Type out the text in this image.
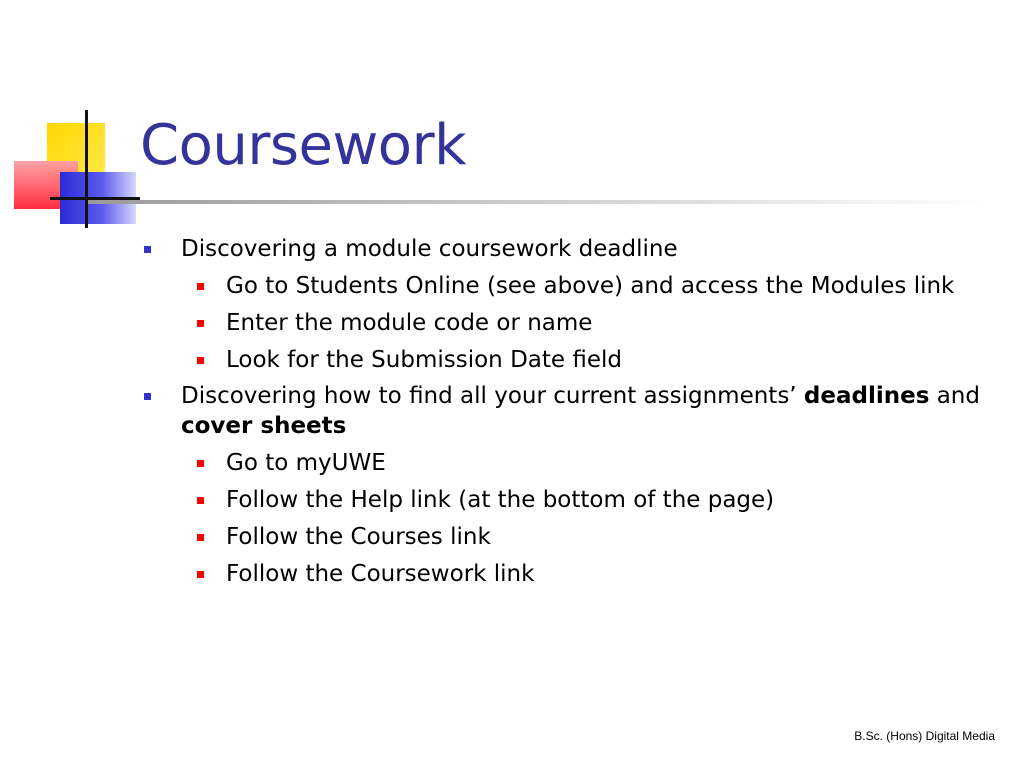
Coursework
Discovering a module coursework deadline
Go to Students Online (see above) and access the Modules link
Enter the module code or name
Look for the Submission Date field
Discovering how to find all your current assignments’ deadlines and cover sheets
Go to myUWE
Follow the Help link (at the bottom of the page)
Follow the Courses link
Follow the Coursework link
B.Sc. (Hons) Digital Media
